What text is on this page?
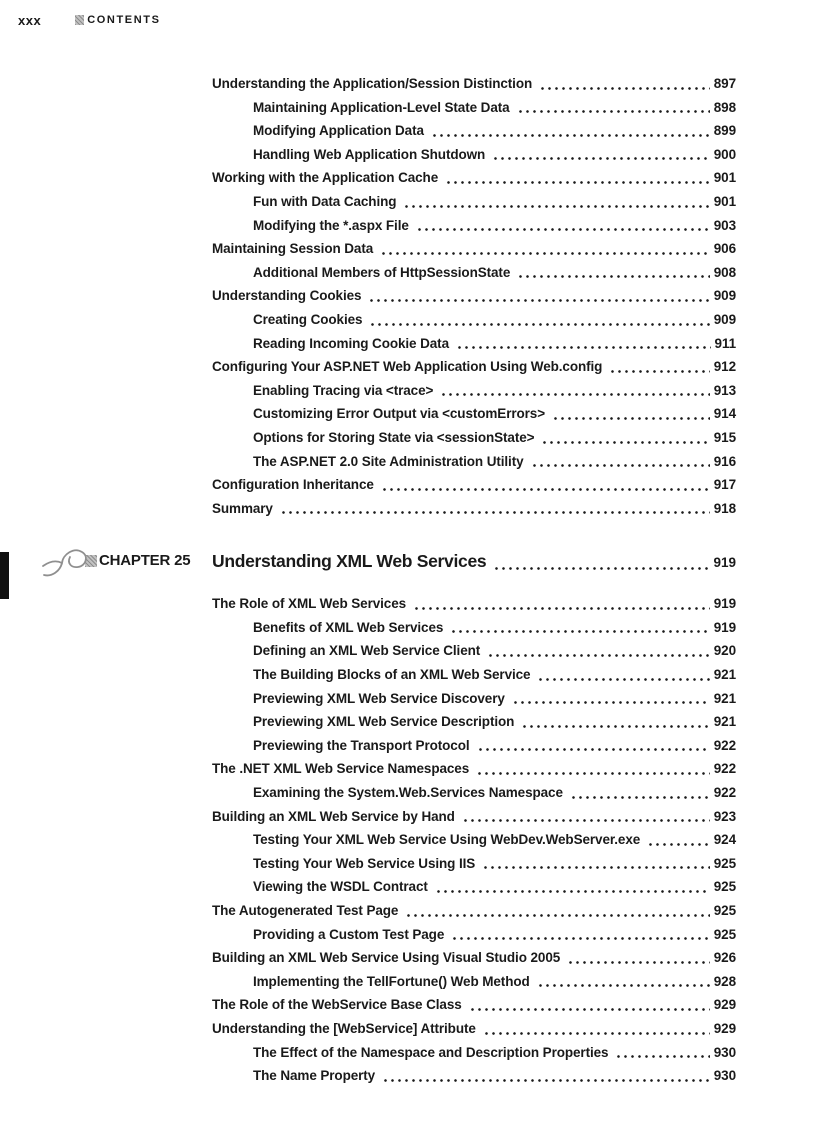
xxx	CONTENTS
Understanding the Application/Session Distinction	897
Maintaining Application-Level State Data	898
Modifying Application Data	899
Handling Web Application Shutdown	900
Working with the Application Cache	901
Fun with Data Caching	901
Modifying the *.aspx File	903
Maintaining Session Data	906
Additional Members of HttpSessionState	908
Understanding Cookies	909
Creating Cookies	909
Reading Incoming Cookie Data	911
Configuring Your ASP.NET Web Application Using Web.config	912
Enabling Tracing via <trace>	913
Customizing Error Output via <customErrors>	914
Options for Storing State via <sessionState>	915
The ASP.NET 2.0 Site Administration Utility	916
Configuration Inheritance	917
Summary	918
CHAPTER 25 Understanding XML Web Services	919
The Role of XML Web Services	919
Benefits of XML Web Services	919
Defining an XML Web Service Client	920
The Building Blocks of an XML Web Service	921
Previewing XML Web Service Discovery	921
Previewing XML Web Service Description	921
Previewing the Transport Protocol	922
The .NET XML Web Service Namespaces	922
Examining the System.Web.Services Namespace	922
Building an XML Web Service by Hand	923
Testing Your XML Web Service Using WebDev.WebServer.exe	924
Testing Your Web Service Using IIS	925
Viewing the WSDL Contract	925
The Autogenerated Test Page	925
Providing a Custom Test Page	925
Building an XML Web Service Using Visual Studio 2005	926
Implementing the TellFortune() Web Method	928
The Role of the WebService Base Class	929
Understanding the [WebService] Attribute	929
The Effect of the Namespace and Description Properties	930
The Name Property	930
